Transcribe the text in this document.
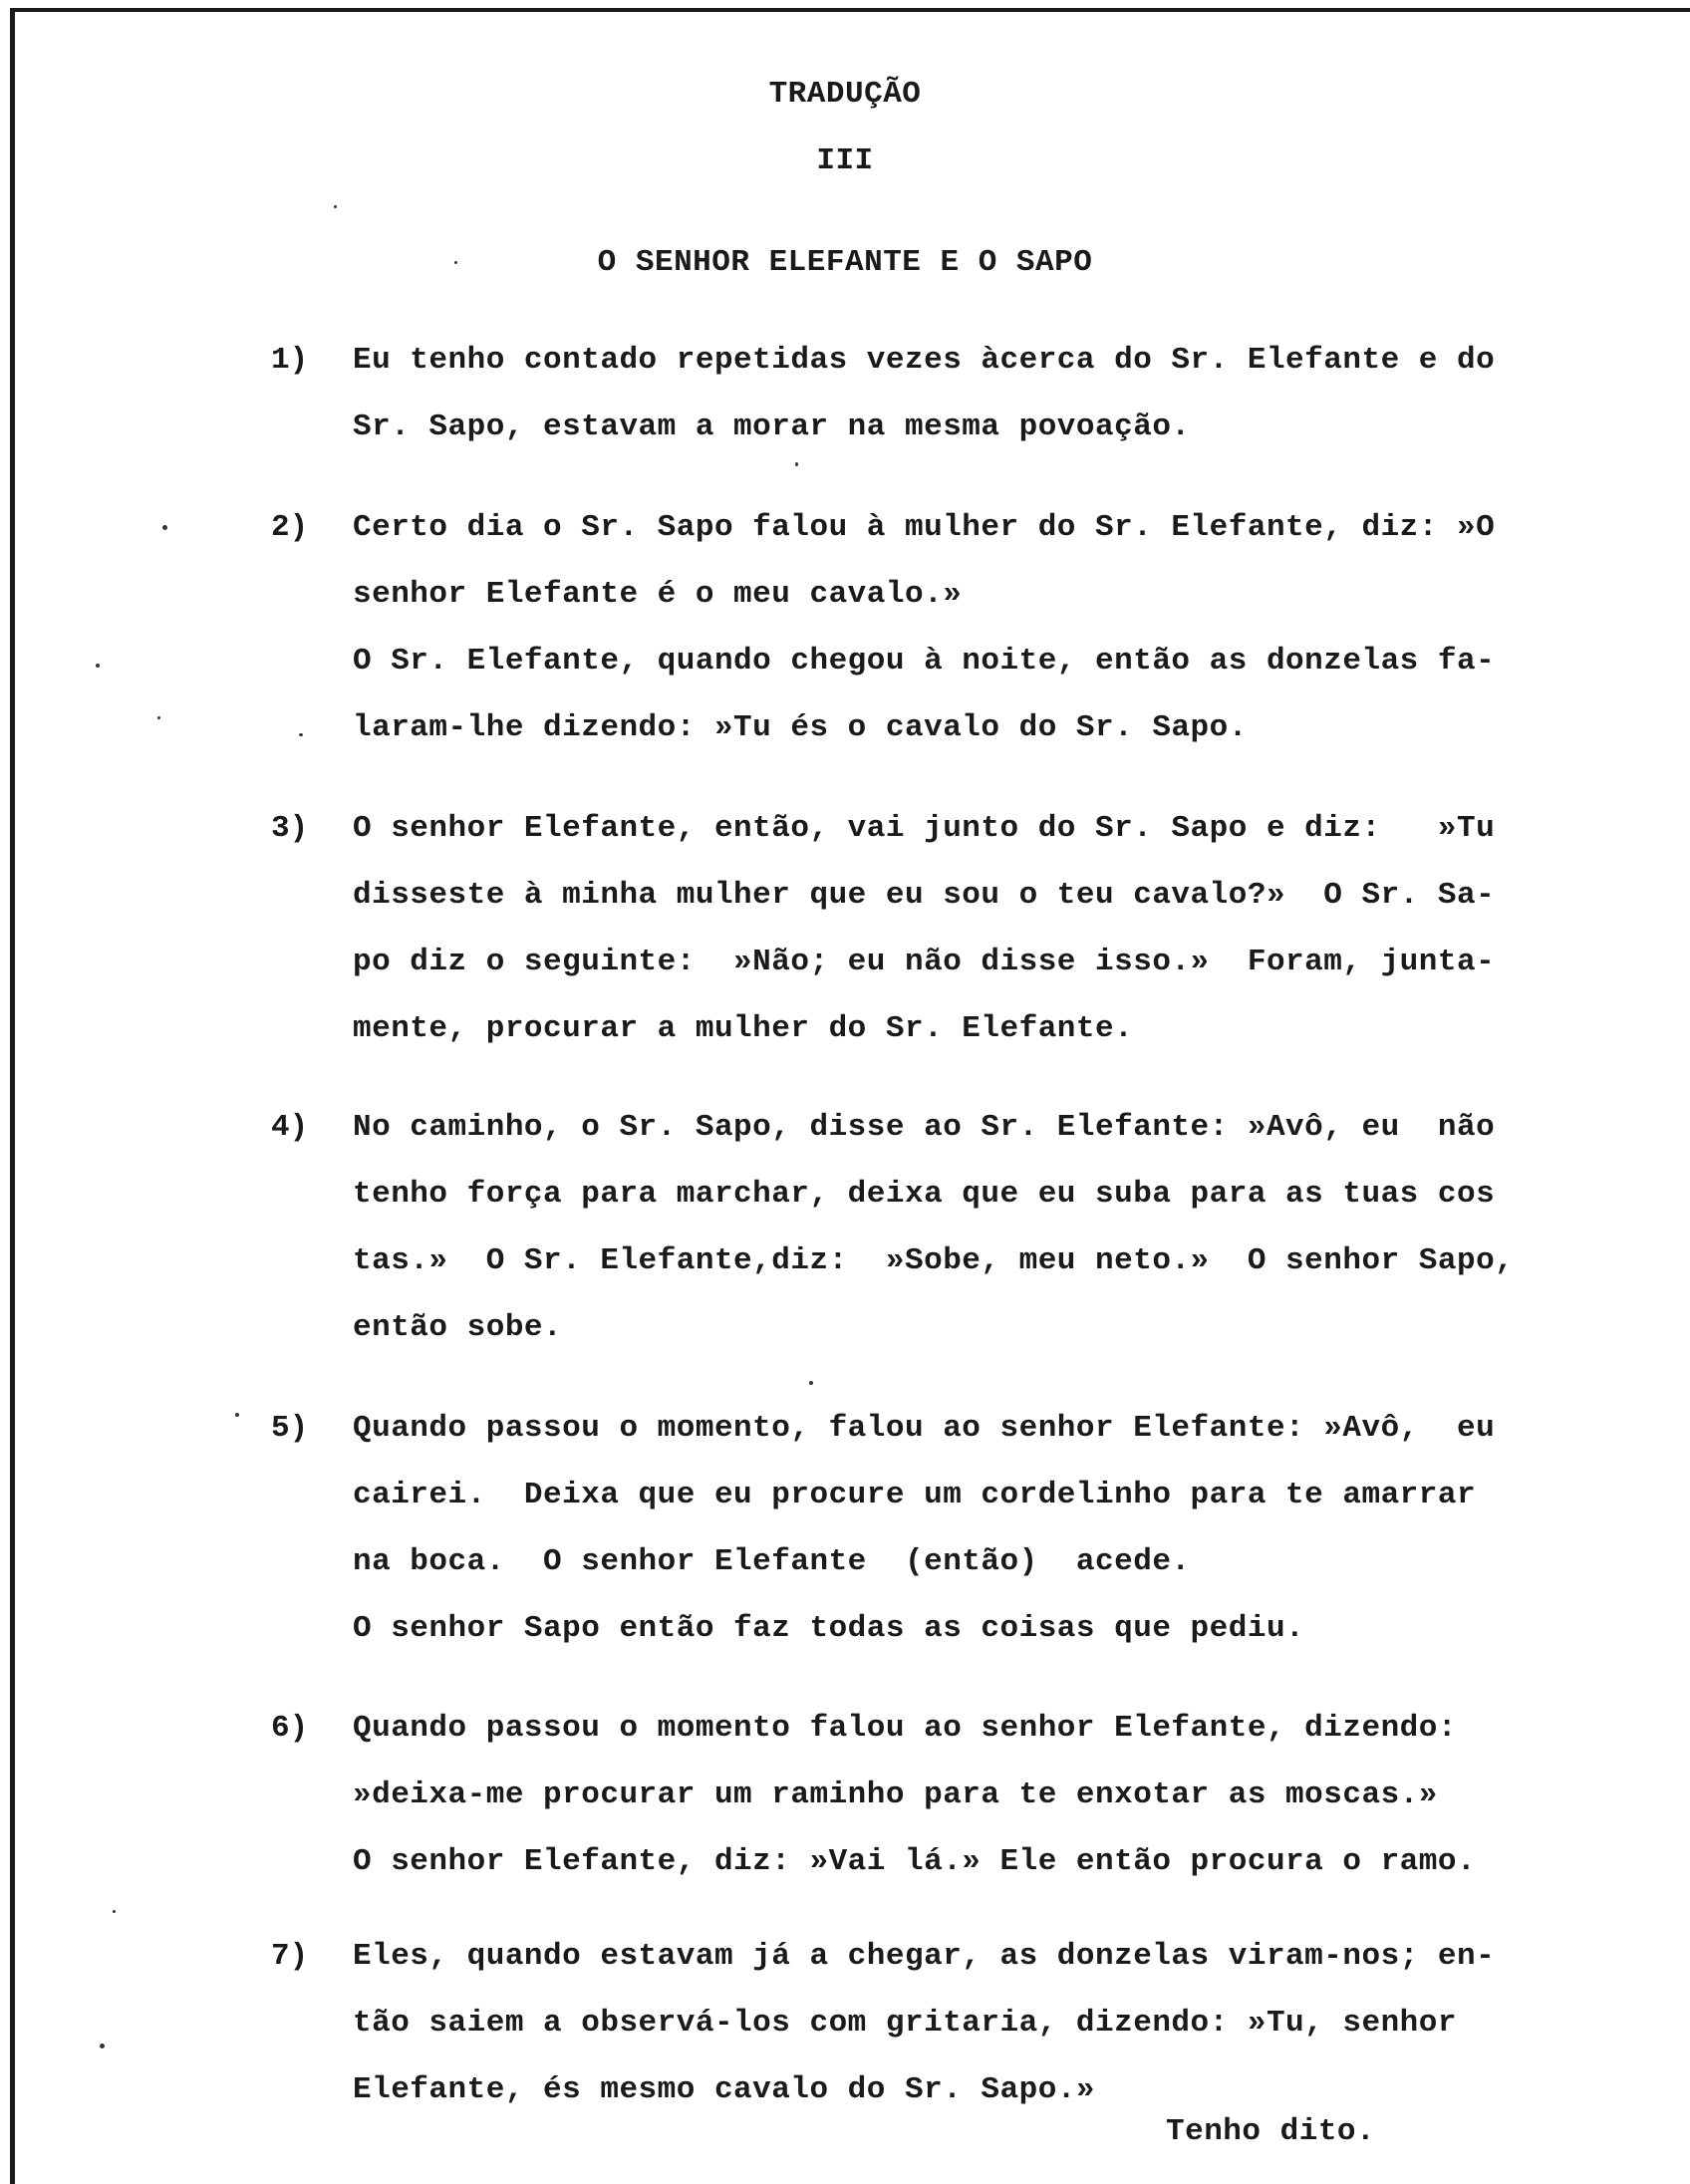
TRADUÇÃO
III
O SENHOR ELEFANTE E O SAPO
1) Eu tenho contado repetidas vezes àcerca do Sr. Elefante e do
Sr. Sapo, estavam a morar na mesma povoação.
2) Certo dia o Sr. Sapo falou à mulher do Sr. Elefante, diz: »O
senhor Elefante é o meu cavalo.»
O Sr. Elefante, quando chegou à noite, então as donzelas fa-
laram-lhe dizendo: »Tu és o cavalo do Sr. Sapo.
3) O senhor Elefante, então, vai junto do Sr. Sapo e diz:   »Tu
disseste à minha mulher que eu sou o teu cavalo?»  O Sr. Sa-
po diz o seguinte:  »Não; eu não disse isso.»  Foram, junta-
mente, procurar a mulher do Sr. Elefante.
4) No caminho, o Sr. Sapo, disse ao Sr. Elefante: »Avô, eu  não
tenho força para marchar, deixa que eu suba para as tuas cos
tas.»  O Sr. Elefante,diz:  »Sobe, meu neto.»  O senhor Sapo,
então sobe.
5) Quando passou o momento, falou ao senhor Elefante: »Avô,  eu
cairei.  Deixa que eu procure um cordelinho para te amarrar
na boca.  O senhor Elefante  (então)  acede.
O senhor Sapo então faz todas as coisas que pediu.
6) Quando passou o momento falou ao senhor Elefante, dizendo:
»deixa-me procurar um raminho para te enxotar as moscas.»
O senhor Elefante, diz: »Vai lá.» Ele então procura o ramo.
7) Eles, quando estavam já a chegar, as donzelas viram-nos; en-
tão saiem a observá-los com gritaria, dizendo: »Tu, senhor
Elefante, és mesmo cavalo do Sr. Sapo.»
Tenho dito.
